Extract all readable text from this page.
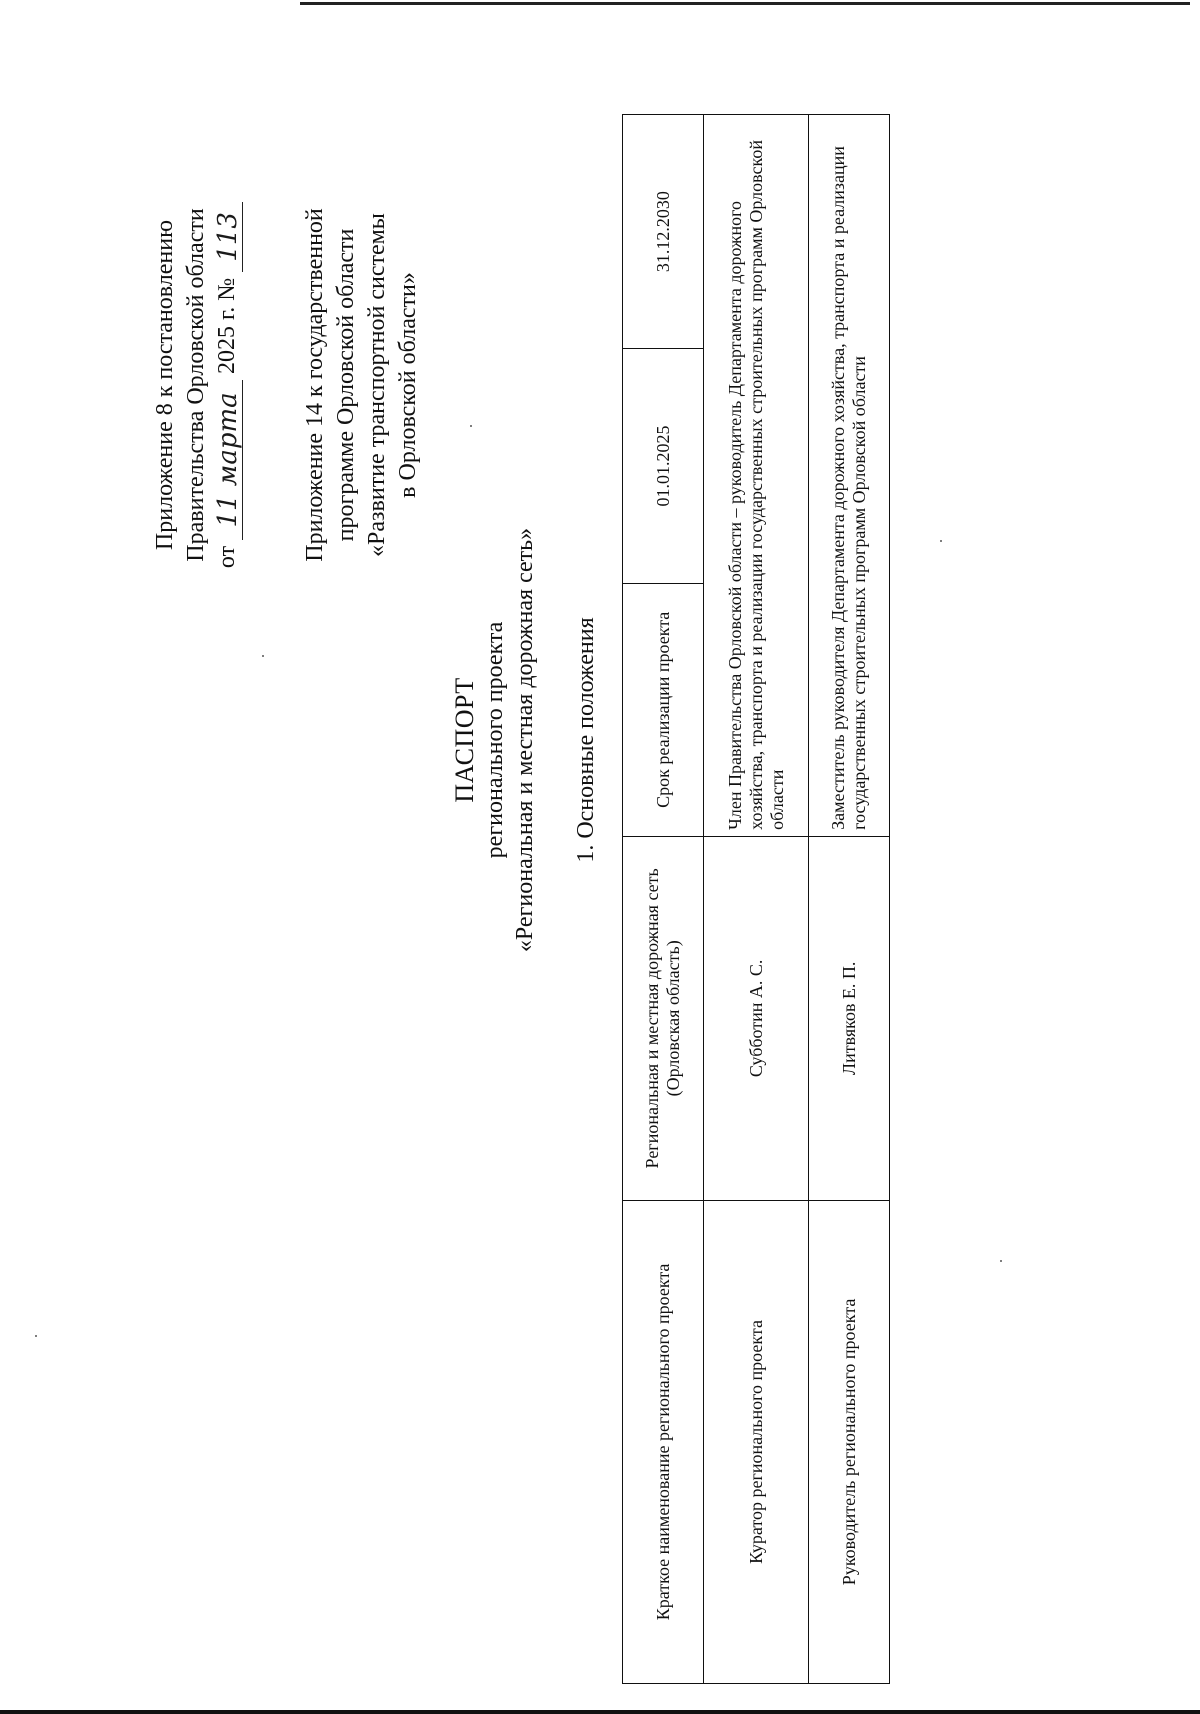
Приложение 8 к постановлению Правительства Орловской области от
11 марта
2025 г. №
113 Приложение 14 к государственной программе Орловской области «Развитие транспортной системы в Орловской области»
ПАСПОРТ регионального проекта «Региональная и местная дорожная сеть» 1. Основные положения
Краткое наименование регионального проекта	Региональная и местная дорожная сеть (Орловская область)	Срок реализации проекта	01.01.2025	31.12.2030
Куратор регионального проекта	Субботин А. С.	Член Правительства Орловской области – руководитель Департамента дорожного хозяйства, транспорта и реализации государственных строительных программ Орловской области		
Руководитель регионального проекта	Литвяков Е. П.	Заместитель руководителя Департамента дорожного хозяйства, транспорта и реализации государственных строительных программ Орловской области		
